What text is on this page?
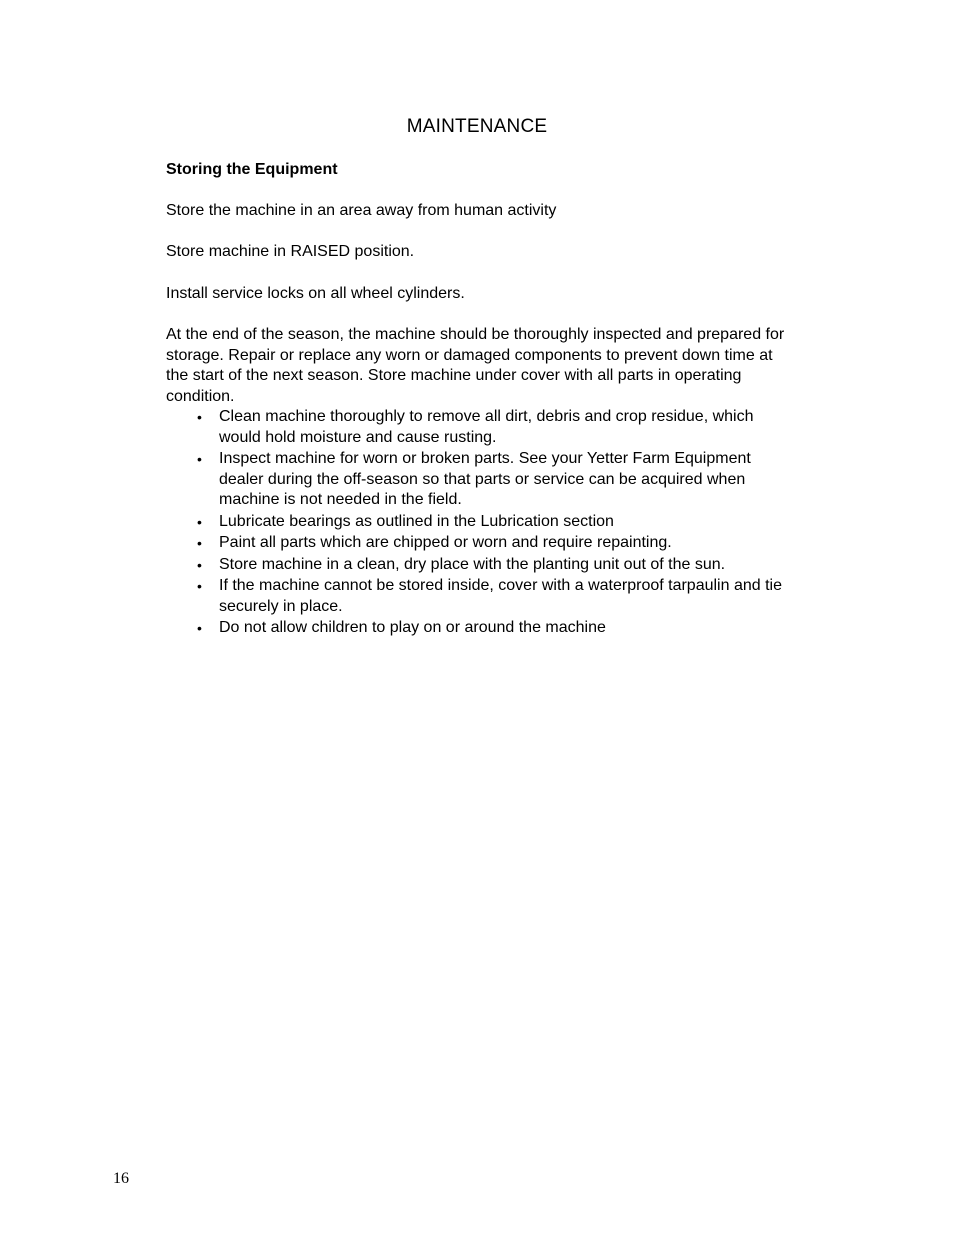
MAINTENANCE
Storing the Equipment

Store the machine in an area away from human activity

Store machine in RAISED position.

Install service locks on all wheel cylinders.

At the end of the season, the machine should be thoroughly inspected and prepared for storage. Repair or replace any worn or damaged components to prevent down time at the start of the next season. Store machine under cover with all parts in operating condition.

• Clean machine thoroughly to remove all dirt, debris and crop residue, which would hold moisture and cause rusting.
• Inspect machine for worn or broken parts. See your Yetter Farm Equipment dealer during the off-season so that parts or service can be acquired when machine is not needed in the field.
• Lubricate bearings as outlined in the Lubrication section
• Paint all parts which are chipped or worn and require repainting.
• Store machine in a clean, dry place with the planting unit out of the sun.
• If the machine cannot be stored inside, cover with a waterproof tarpaulin and tie securely in place.
• Do not allow children to play on or around the machine
16
